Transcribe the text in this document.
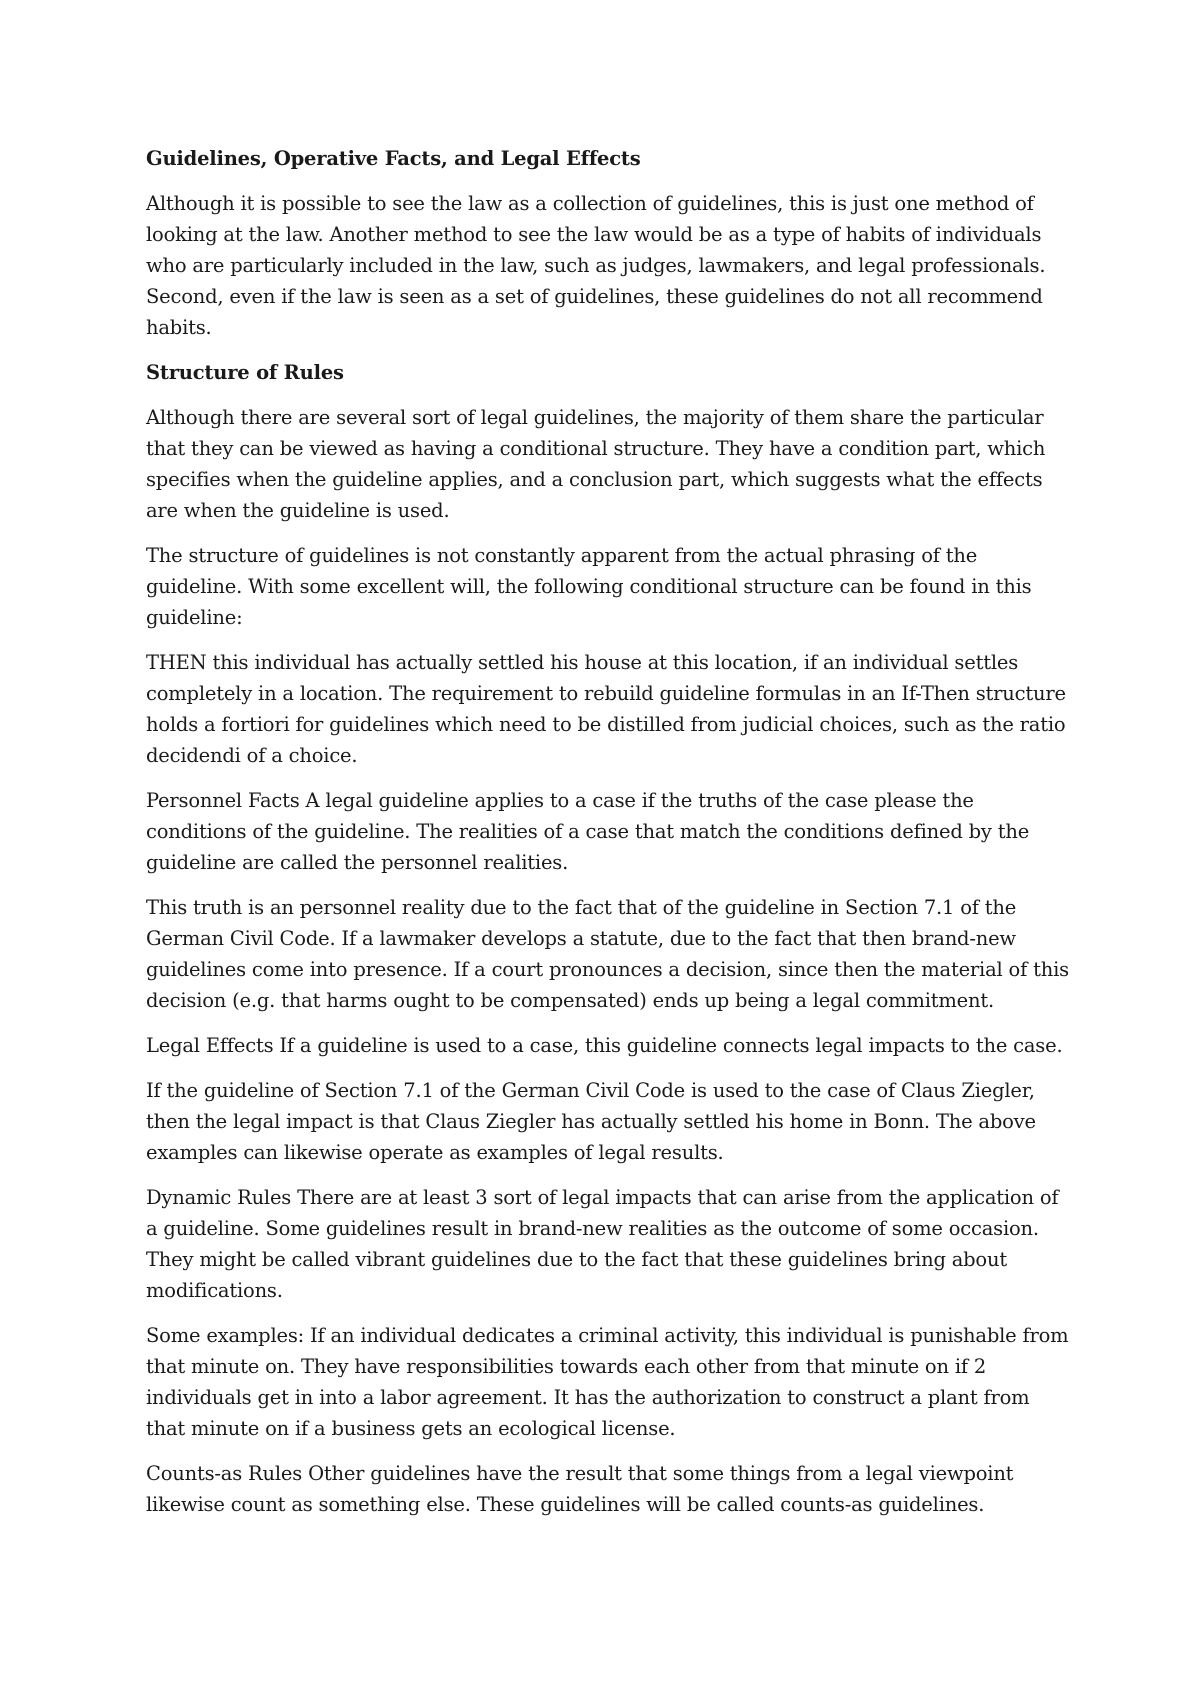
Guidelines, Operative Facts, and Legal Effects

Although it is possible to see the law as a collection of guidelines, this is just one method of looking at the law. Another method to see the law would be as a type of habits of individuals who are particularly included in the law, such as judges, lawmakers, and legal professionals. Second, even if the law is seen as a set of guidelines, these guidelines do not all recommend habits.

Structure of Rules

Although there are several sort of legal guidelines, the majority of them share the particular that they can be viewed as having a conditional structure. They have a condition part, which specifies when the guideline applies, and a conclusion part, which suggests what the effects are when the guideline is used.

The structure of guidelines is not constantly apparent from the actual phrasing of the guideline. With some excellent will, the following conditional structure can be found in this guideline:

THEN this individual has actually settled his house at this location, if an individual settles completely in a location. The requirement to rebuild guideline formulas in an If-Then structure holds a fortiori for guidelines which need to be distilled from judicial choices, such as the ratio decidendi of a choice.

Personnel Facts A legal guideline applies to a case if the truths of the case please the conditions of the guideline. The realities of a case that match the conditions defined by the guideline are called the personnel realities.

This truth is an personnel reality due to the fact that of the guideline in Section 7.1 of the German Civil Code. If a lawmaker develops a statute, due to the fact that then brand-new guidelines come into presence. If a court pronounces a decision, since then the material of this decision (e.g. that harms ought to be compensated) ends up being a legal commitment.

Legal Effects If a guideline is used to a case, this guideline connects legal impacts to the case.

If the guideline of Section 7.1 of the German Civil Code is used to the case of Claus Ziegler, then the legal impact is that Claus Ziegler has actually settled his home in Bonn. The above examples can likewise operate as examples of legal results.

Dynamic Rules There are at least 3 sort of legal impacts that can arise from the application of a guideline. Some guidelines result in brand-new realities as the outcome of some occasion. They might be called vibrant guidelines due to the fact that these guidelines bring about modifications.

Some examples: If an individual dedicates a criminal activity, this individual is punishable from that minute on. They have responsibilities towards each other from that minute on if 2 individuals get in into a labor agreement. It has the authorization to construct a plant from that minute on if a business gets an ecological license.

Counts-as Rules Other guidelines have the result that some things from a legal viewpoint likewise count as something else. These guidelines will be called counts-as guidelines.
